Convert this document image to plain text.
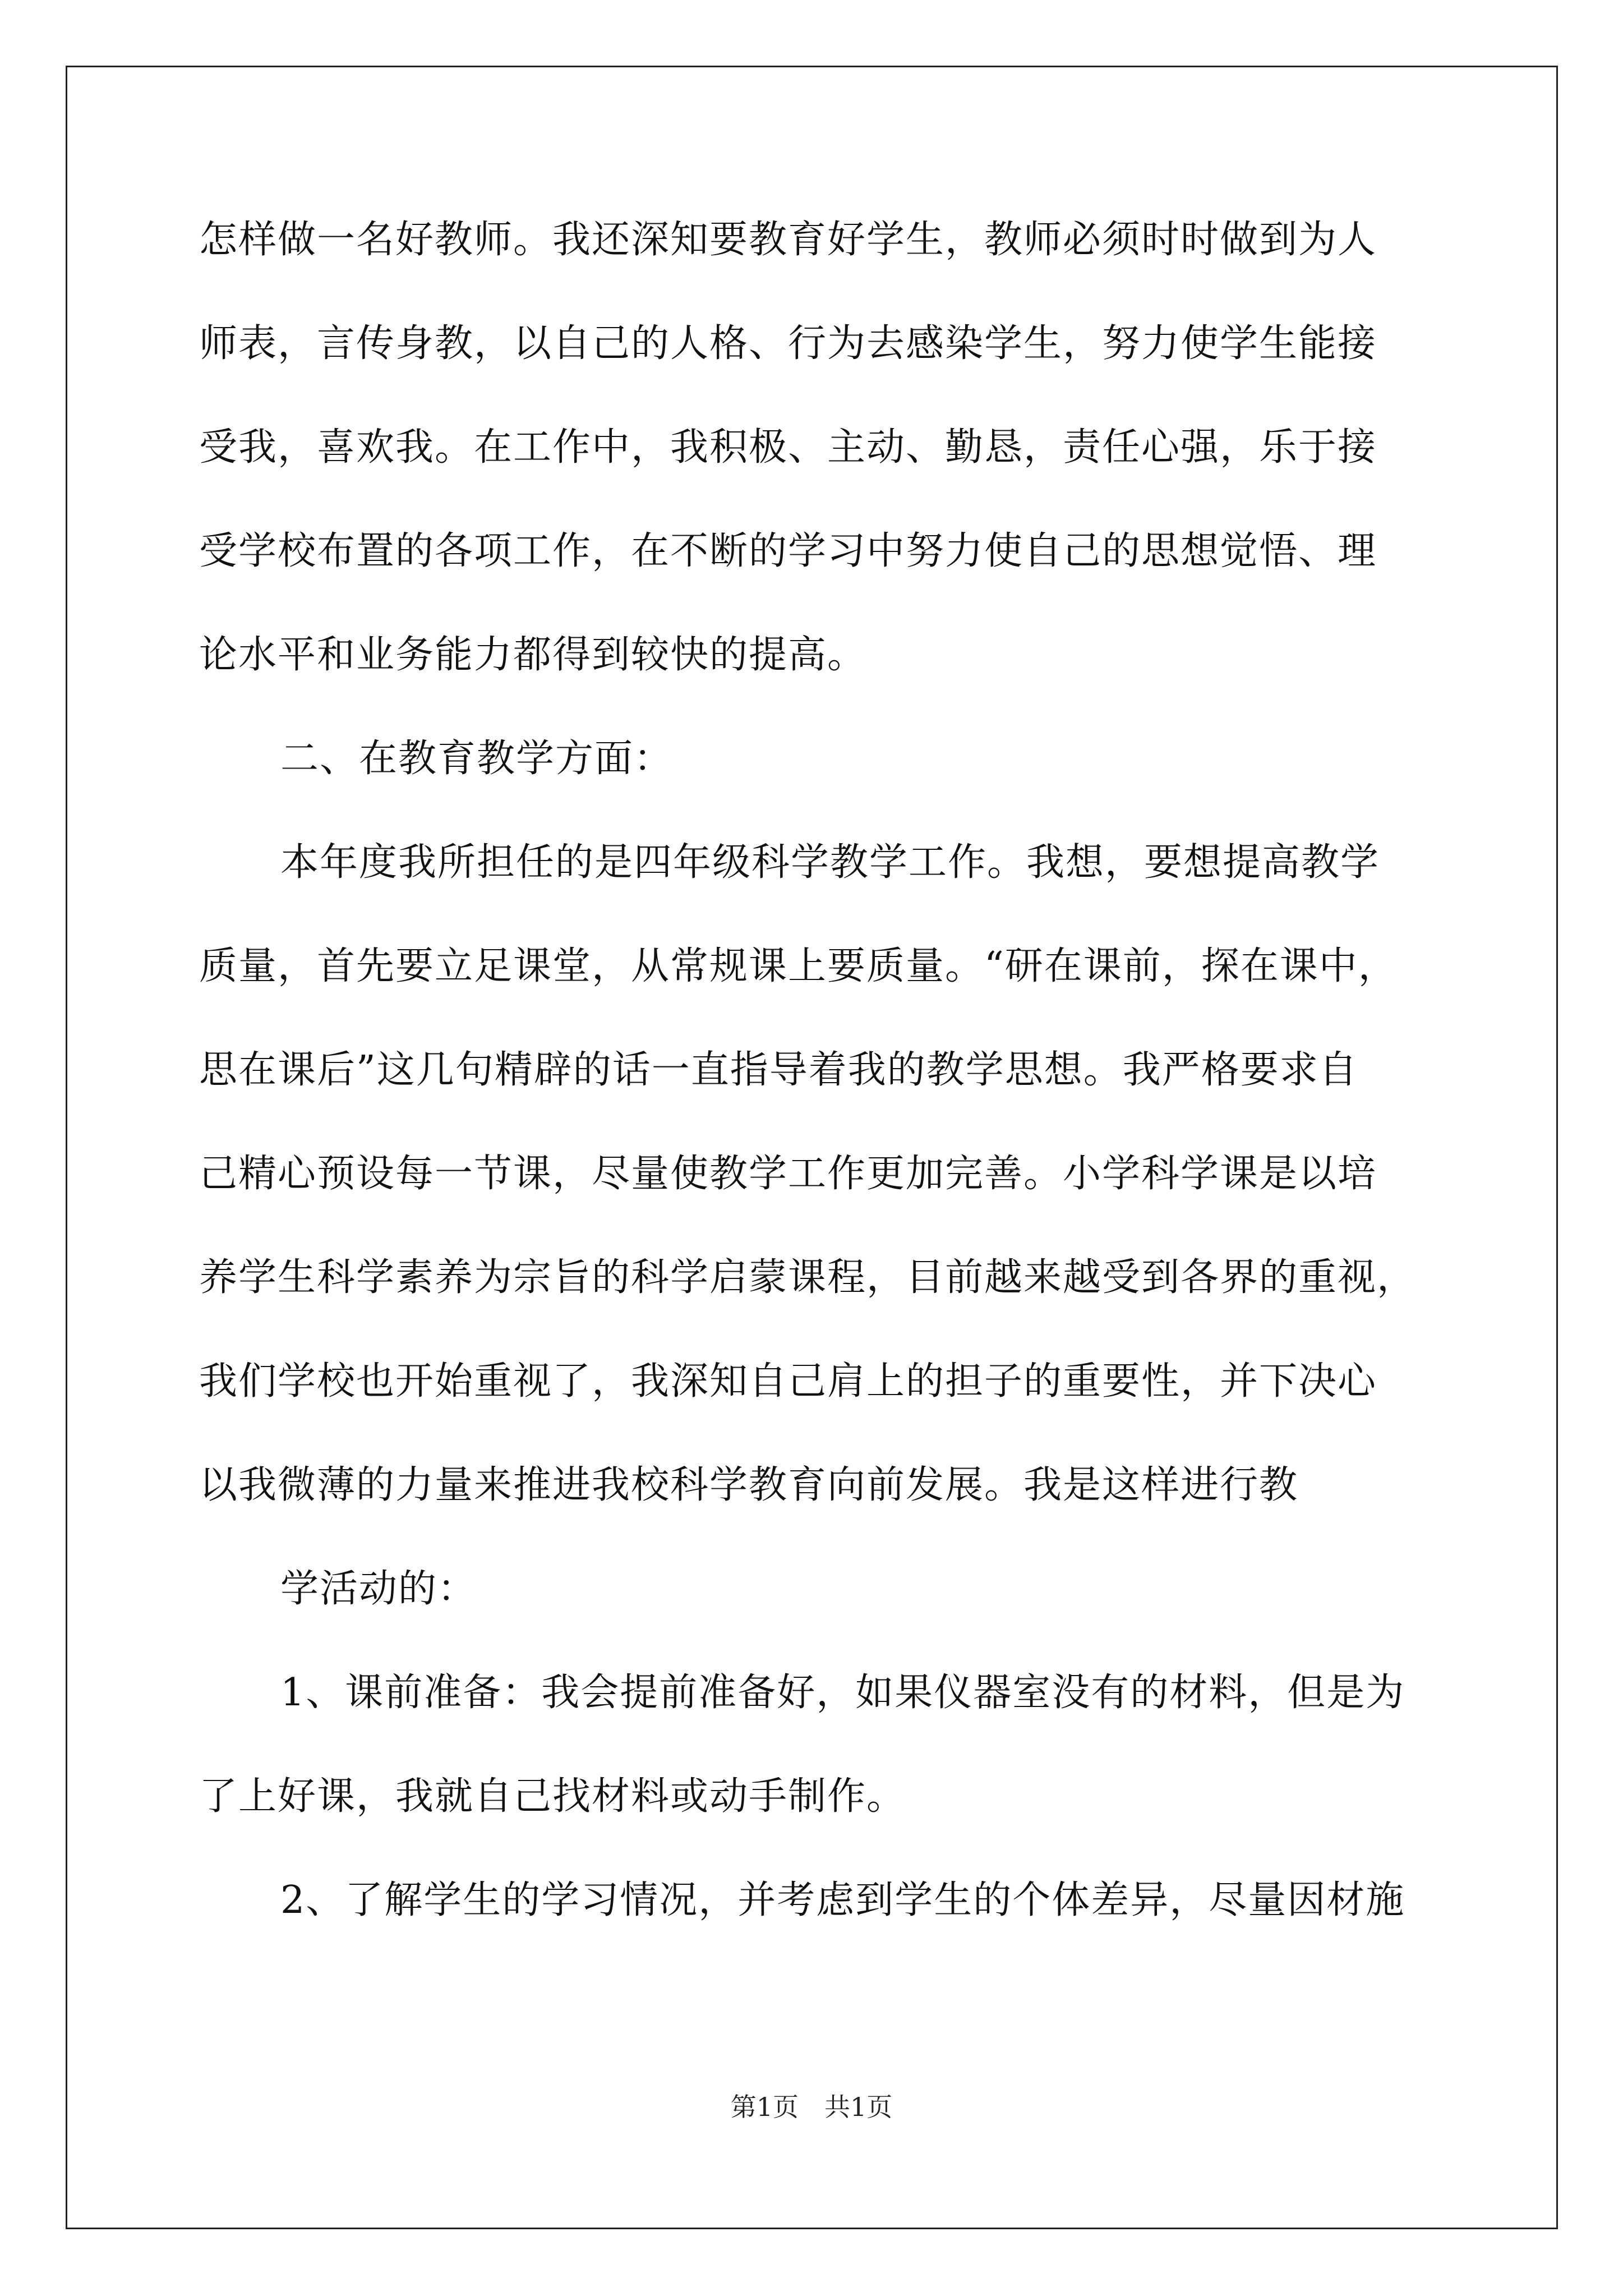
怎样做一名好教师。我还深知要教育好学生，教师必须时时做到为人
师表，言传身教，以自己的人格、行为去感染学生，努力使学生能接
受我，喜欢我。在工作中，我积极、主动、勤恳，责任心强，乐于接
受学校布置的各项工作，在不断的学习中努力使自己的思想觉悟、理
论水平和业务能力都得到较快的提高。
二、在教育教学方面：
本年度我所担任的是四年级科学教学工作。我想，要想提高教学
质量，首先要立足课堂，从常规课上要质量。“研在课前，探在课中，
思在课后”这几句精辟的话一直指导着我的教学思想。我严格要求自
己精心预设每一节课，尽量使教学工作更加完善。小学科学课是以培
养学生科学素养为宗旨的科学启蒙课程，目前越来越受到各界的重视，
我们学校也开始重视了，我深知自己肩上的担子的重要性，并下决心
以我微薄的力量来推进我校科学教育向前发展。我是这样进行教
学活动的：
1、课前准备：我会提前准备好，如果仪器室没有的材料，但是为
了上好课，我就自己找材料或动手制作。
2、了解学生的学习情况，并考虑到学生的个体差异，尽量因材施
第1页　共1页
